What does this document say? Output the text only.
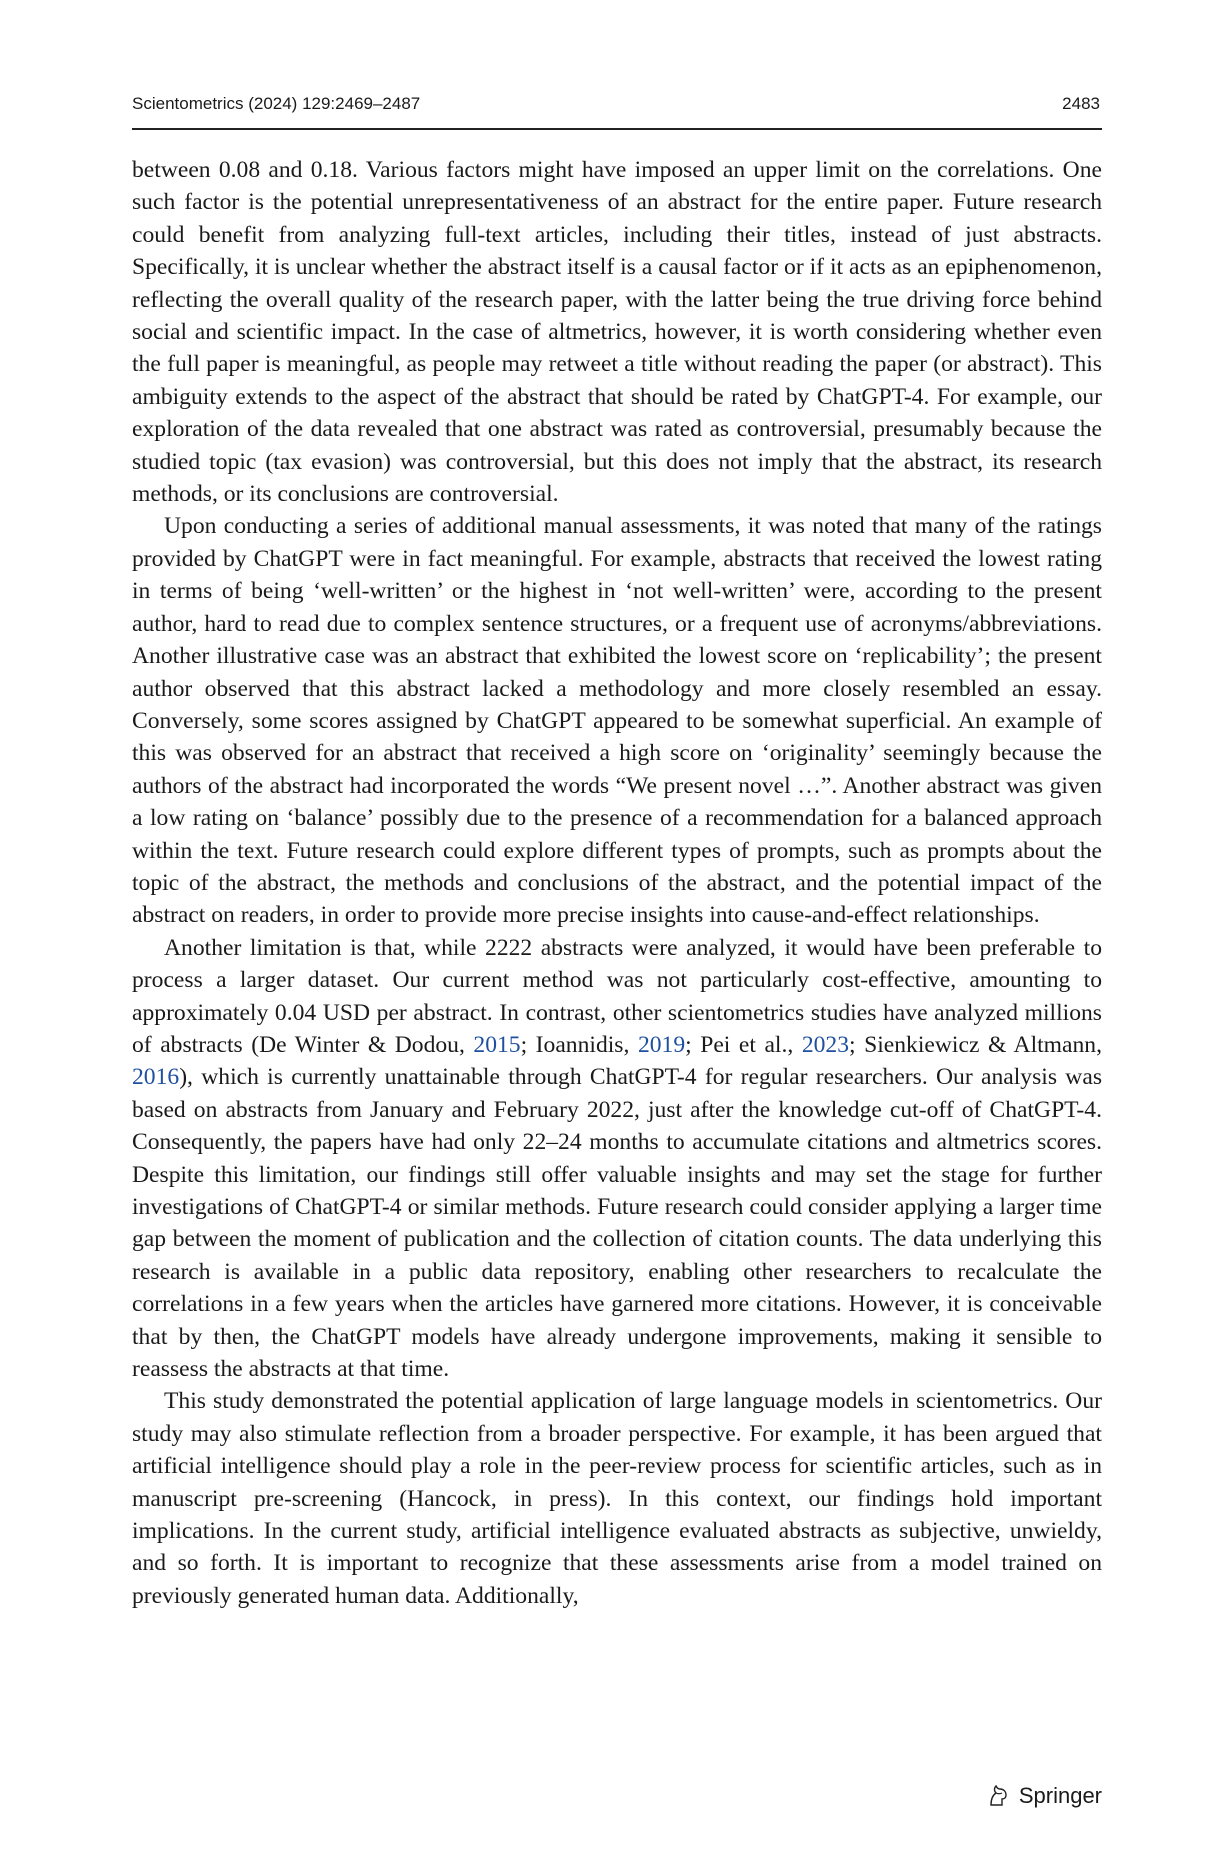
Scientometrics (2024) 129:2469–2487	2483

between 0.08 and 0.18. Various factors might have imposed an upper limit on the correlations. One such factor is the potential unrepresentativeness of an abstract for the entire paper. Future research could benefit from analyzing full-text articles, including their titles, instead of just abstracts. Specifically, it is unclear whether the abstract itself is a causal factor or if it acts as an epiphenomenon, reflecting the overall quality of the research paper, with the latter being the true driving force behind social and scientific impact. In the case of altmetrics, however, it is worth considering whether even the full paper is meaningful, as people may retweet a title without reading the paper (or abstract). This ambiguity extends to the aspect of the abstract that should be rated by ChatGPT-4. For example, our exploration of the data revealed that one abstract was rated as controversial, presumably because the studied topic (tax evasion) was controversial, but this does not imply that the abstract, its research methods, or its conclusions are controversial.

Upon conducting a series of additional manual assessments, it was noted that many of the ratings provided by ChatGPT were in fact meaningful. For example, abstracts that received the lowest rating in terms of being ‘well-written’ or the highest in ‘not well-written’ were, according to the present author, hard to read due to complex sentence structures, or a frequent use of acronyms/abbreviations. Another illustrative case was an abstract that exhibited the lowest score on ‘replicability’; the present author observed that this abstract lacked a methodology and more closely resembled an essay. Conversely, some scores assigned by ChatGPT appeared to be somewhat superficial. An example of this was observed for an abstract that received a high score on ‘originality’ seemingly because the authors of the abstract had incorporated the words “We present novel …”. Another abstract was given a low rating on ‘balance’ possibly due to the presence of a recommendation for a balanced approach within the text. Future research could explore different types of prompts, such as prompts about the topic of the abstract, the methods and conclusions of the abstract, and the potential impact of the abstract on readers, in order to provide more precise insights into cause-and-effect relationships.

Another limitation is that, while 2222 abstracts were analyzed, it would have been preferable to process a larger dataset. Our current method was not particularly cost-effective, amounting to approximately 0.04 USD per abstract. In contrast, other scientometrics studies have analyzed millions of abstracts (De Winter & Dodou, 2015; Ioannidis, 2019; Pei et al., 2023; Sienkiewicz & Altmann, 2016), which is currently unattainable through ChatGPT-4 for regular researchers. Our analysis was based on abstracts from January and February 2022, just after the knowledge cut-off of ChatGPT-4. Consequently, the papers have had only 22–24 months to accumulate citations and altmetrics scores. Despite this limitation, our findings still offer valuable insights and may set the stage for further investigations of ChatGPT-4 or similar methods. Future research could consider applying a larger time gap between the moment of publication and the collection of citation counts. The data underlying this research is available in a public data repository, enabling other researchers to recalculate the correlations in a few years when the articles have garnered more citations. However, it is conceivable that by then, the ChatGPT models have already undergone improvements, making it sensible to reassess the abstracts at that time.

This study demonstrated the potential application of large language models in scientometrics. Our study may also stimulate reflection from a broader perspective. For example, it has been argued that artificial intelligence should play a role in the peer-review process for scientific articles, such as in manuscript pre-screening (Hancock, in press). In this context, our findings hold important implications. In the current study, artificial intelligence evaluated abstracts as subjective, unwieldy, and so forth. It is important to recognize that these assessments arise from a model trained on previously generated human data. Additionally,

Springer
